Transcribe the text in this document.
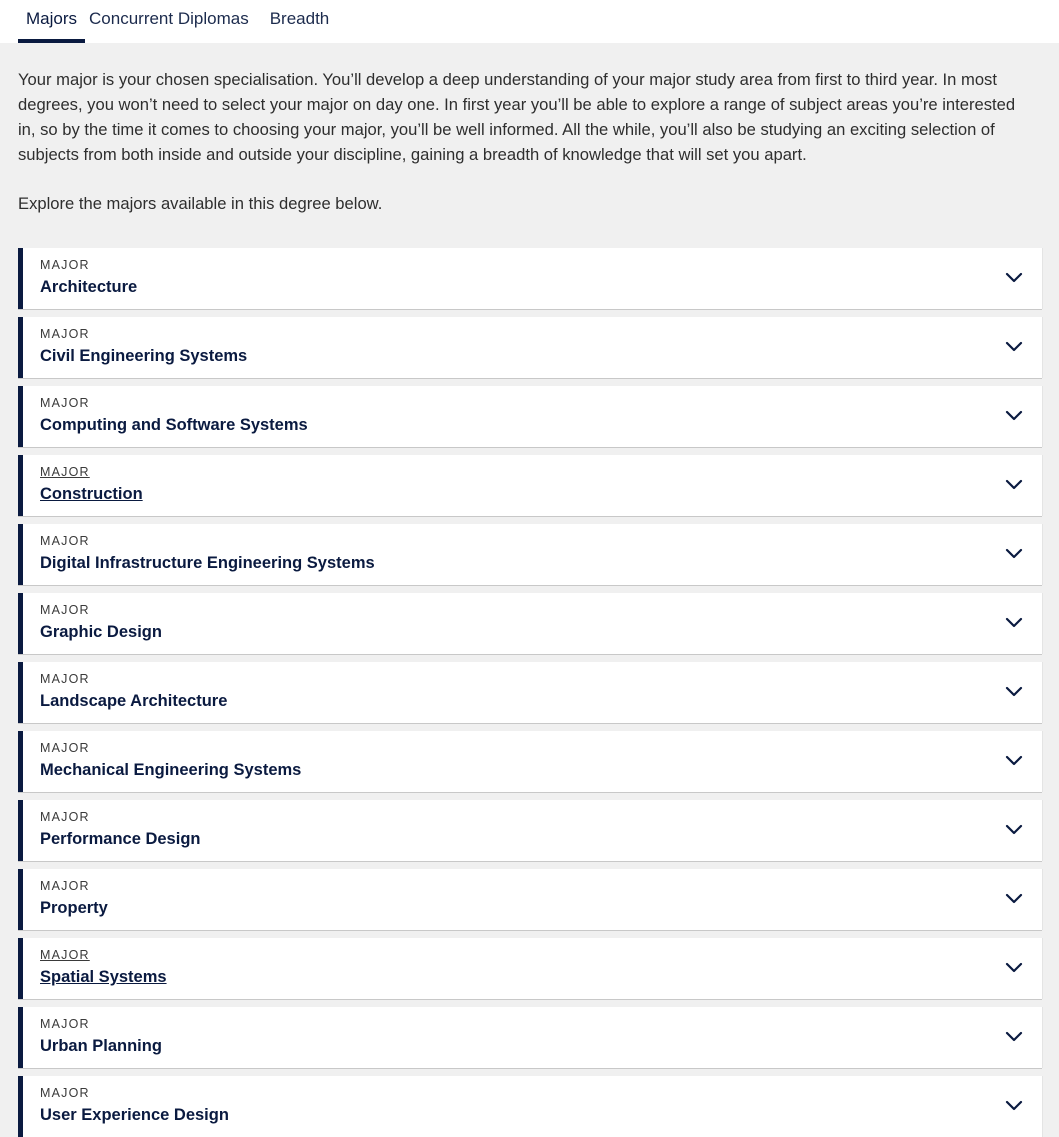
Majors Concurrent Diplomas Breadth

Your major is your chosen specialisation. You’ll develop a deep understanding of your major study area from first to third year. In most degrees, you won’t need to select your major on day one. In first year you’ll be able to explore a range of subject areas you’re interested in, so by the time it comes to choosing your major, you’ll be well informed. All the while, you’ll also be studying an exciting selection of subjects from both inside and outside your discipline, gaining a breadth of knowledge that will set you apart.

Explore the majors available in this degree below.

MAJOR
Architecture
MAJOR
Civil Engineering Systems
MAJOR
Computing and Software Systems
MAJOR
Construction
MAJOR
Digital Infrastructure Engineering Systems
MAJOR
Graphic Design
MAJOR
Landscape Architecture
MAJOR
Mechanical Engineering Systems
MAJOR
Performance Design
MAJOR
Property
MAJOR
Spatial Systems
MAJOR
Urban Planning
MAJOR
User Experience Design
